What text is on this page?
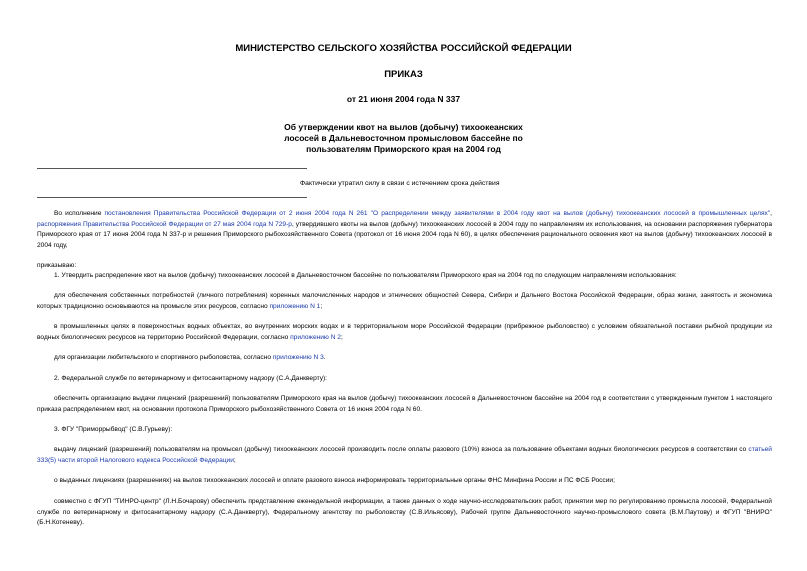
МИНИСТЕРСТВО СЕЛЬСКОГО ХОЗЯЙСТВА РОССИЙСКОЙ ФЕДЕРАЦИИ
ПРИКАЗ
от 21 июня 2004 года N 337
Об утверждении квот на вылов (добычу) тихоокеанских
лососей в Дальневосточном промысловом бассейне по
пользователям Приморского края на 2004 год
Фактически утратил силу в связи с истечением срока действия
Во исполнение постановления Правительства Российской Федерации от 2 июня 2004 года N 261 "О распределении между заявителями в 2004 году квот на вылов (добычу) тихоокеанских лососей в промышленных целях", распоряжения Правительства Российской Федерации от 27 мая 2004 года N 729-р, утвердившего квоты на вылов (добычу) тихоокеанских лососей в 2004 году по направлениям их использования, на основании распоряжения губернатора Приморского края от 17 июня 2004 года N 337-р и решения Приморского рыбохозяйственного Совета (протокол от 16 июня 2004 года N 60), в целях обеспечения рационального освоения квот на вылов (добычу) тихоокеанских лососей в 2004 году,
приказываю:
1. Утвердить распределение квот на вылов (добычу) тихоокеанских лососей в Дальневосточном бассейне по пользователям Приморского края на 2004 год по следующим направлениям использования:
для обеспечения собственных потребностей (личного потребления) коренных малочисленных народов и этнических общностей Севера, Сибири и Дальнего Востока Российской Федерации, образ жизни, занятость и экономика которых традиционно основываются на промысле этих ресурсов, согласно приложению N 1;
в промышленных целях в поверхностных водных объектах, во внутренних морских водах и в территориальном море Российской Федерации (прибрежное рыболовство) с условием обязательной поставки рыбной продукции из водных биологических ресурсов на территорию Российской Федерации, согласно приложению N 2;
для организации любительского и спортивного рыболовства, согласно приложению N 3.
2. Федеральной службе по ветеринарному и фитосанитарному надзору (С.А.Данкверту):
обеспечить организацию выдачи лицензий (разрешений) пользователям Приморского края на вылов (добычу) тихоокеанских лососей в Дальневосточном бассейне на 2004 год в соответствии с утвержденным пунктом 1 настоящего приказа распределением квот, на основании протокола Приморского рыбохозяйственного Совета от 16 июня 2004 года N 60.
3. ФГУ "Приморрыбвод" (С.В.Гурьеву):
выдачу лицензий (разрешений) пользователям на промысел (добычу) тихоокеанских лососей производить после оплаты разового (10%) взноса за пользование объектами водных биологических ресурсов в соответствии со статьей 333(5) части второй Налогового кодекса Российской Федерации;
о выданных лицензиях (разрешениях) на вылов тихоокеанских лососей и оплате разового взноса информировать территориальные органы ФНС Минфина России и ПС ФСБ России;
совместно с ФГУП "ТИНРО-центр" (Л.Н.Бочарову) обеспечить представление еженедельной информации, а также данных о ходе научно-исследовательских работ, принятии мер по регулированию промысла лососей, Федеральной службе по ветеринарному и фитосанитарному надзору (С.А.Данкверту), Федеральному агентству по рыболовству (С.В.Ильясову), Рабочей группе Дальневосточного научно-промыслового совета (В.М.Паутову) и ФГУП "ВНИРО" (Б.Н.Котеневу).
